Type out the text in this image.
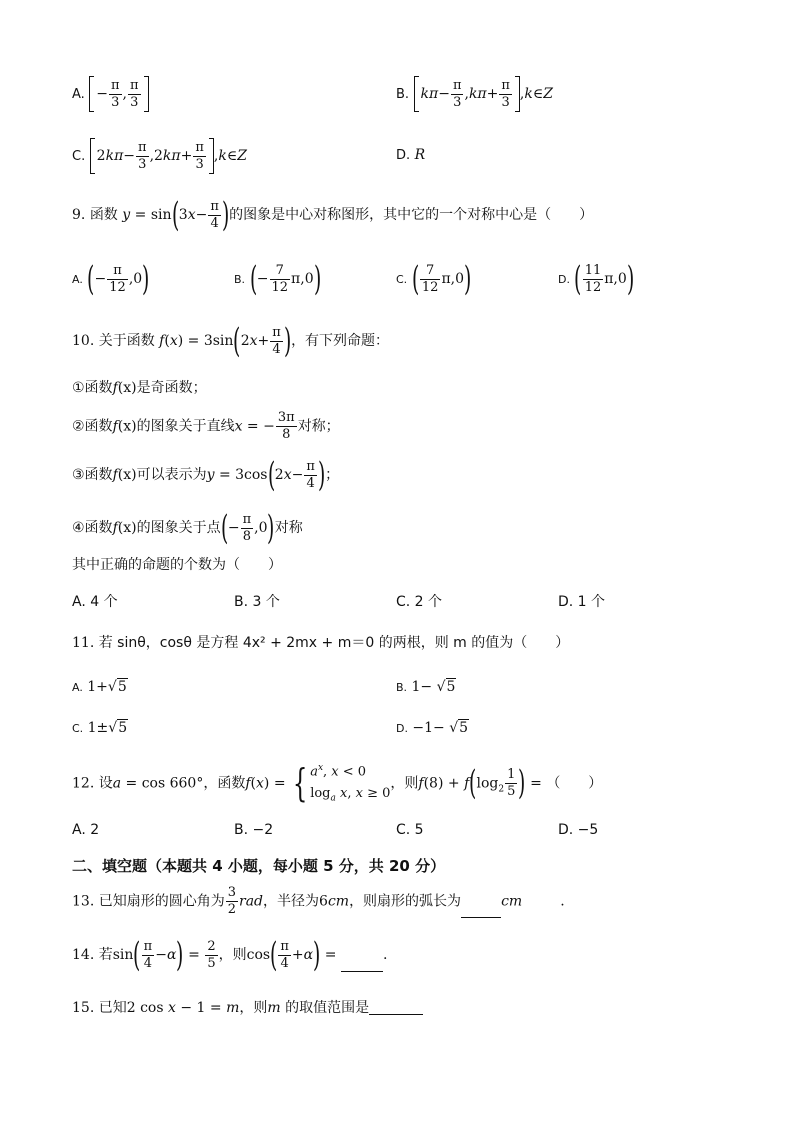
A. − $\frac{\pi}{3}$ , $\frac{\pi}{3}$	B. $k\pi- \frac{\pi}{3} ,k\pi+ \frac{\pi}{3}$ ,k∈Z
C. $2k\pi- \frac{\pi}{3} ,2k\pi+ \frac{\pi}{3}$ ,k∈Z	D. R
9. 函数 $y = \sin(3x- \frac{\pi}{4}$ )的图象是中心对称图形，其中它的一个对称中心是（　　）
A. (− $\frac{\pi}{12} ,0$)	B. (− $\frac{7}{12} \pi,0$)	C. ( $\frac{7}{12} \pi,0$)	D. ( $\frac{11}{12} \pi,0$)
10. 关于函数 $f(x) = 3\sin(2x+ \frac{\pi}{4}$ )，有下列命题：
①函数f(x)是奇函数；
②函数f(x)的图象关于直线x = − $\frac{3\pi}{8}$ 对称；
③函数f(x)可以表示为$y = 3\cos(2x- \frac{\pi}{4}$ )；
④函数f(x)的图象关于点(− $\frac{\pi}{8} ,0$)对称
其中正确的命题的个数为（　　）
A. 4 个	B. 3 个	C. 2 个	D. 1 个
11. 若 sinθ，cosθ 是方程 4x² + 2mx + m＝0 的两根，则 m 的值为（　　）
A. 1+√5	B. 1− √5
C. 1±√5	D. −1− √5
12. 设a = cos 660°，函数f(x) = { $a^x$, x < 0
$\log_a x$, x ≥ 0
，则$f(8) + f(\log_2 \frac{1}{5}$ ) = （　　）
A. 2	B. −2	C. 5	D. −5
二、填空题（本题共 4 小题，每小题 5 分，共 20 分）
13. 已知扇形的圆心角为 $\frac{3}{2}$ rad，半径为6cm，则扇形的弧长为	cm	.
14. 若$\sin( \frac{\pi}{4} -\alpha) = \frac{2}{5}$ ，则$\cos( \frac{\pi}{4} +\alpha)$ =	.
15. 已知2 cos x − 1 = m，则m 的取值范围是
